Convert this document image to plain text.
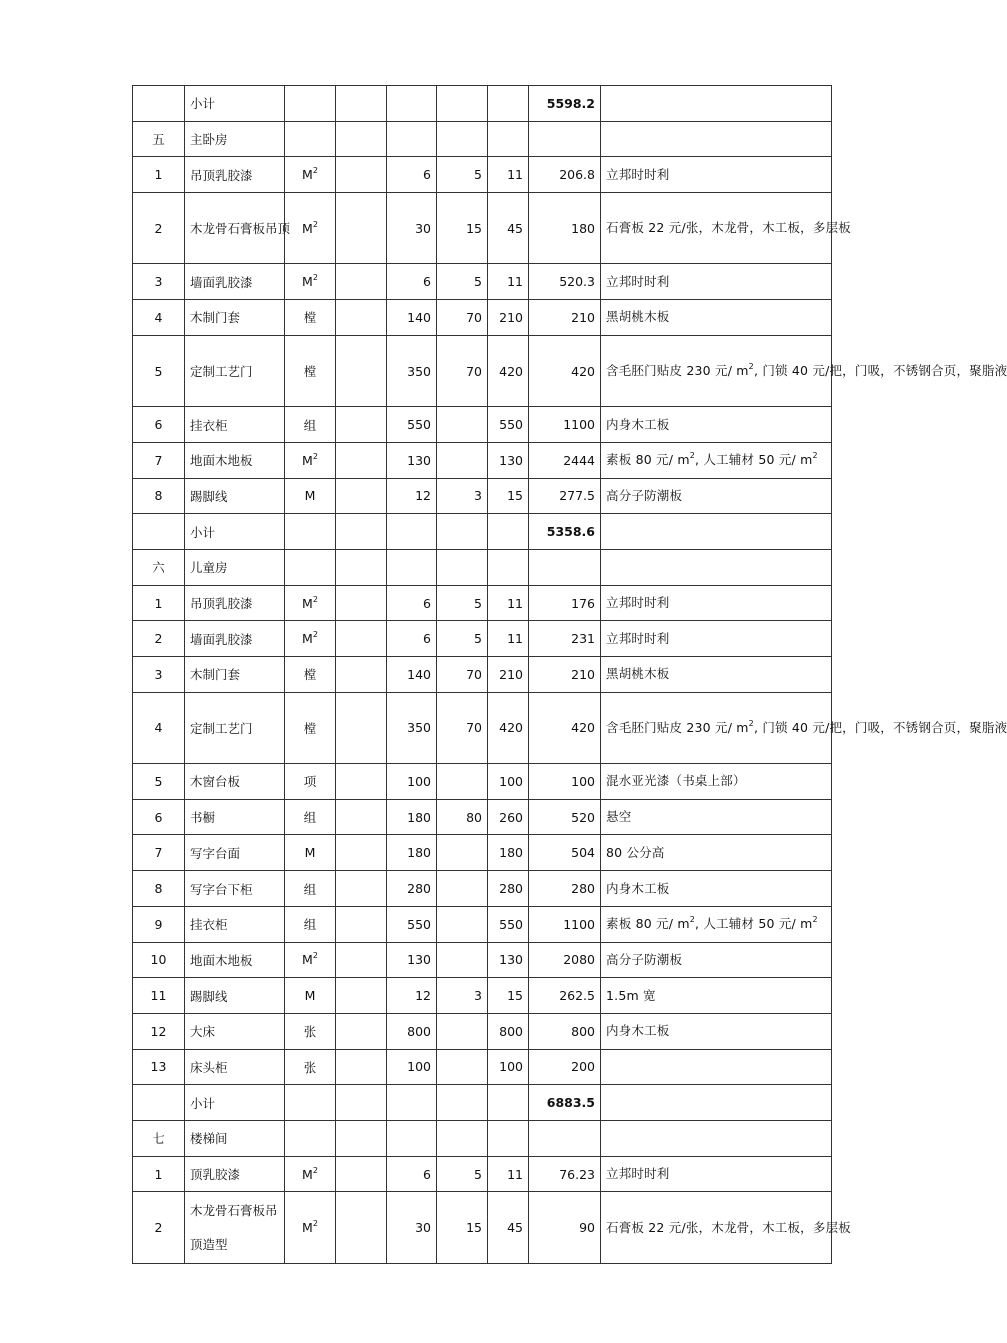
	小计						5598.2	
五	主卧房							
1	吊顶乳胶漆	$M^2$		6	5	11	206.8	立邦时时利
2	木龙骨石膏板吊顶	$M^2$		30	15	45	180	石膏板 22 元/张，木龙骨，木工板，多层板
3	墙面乳胶漆	$M^2$		6	5	11	520.3	立邦时时利
4	木制门套	樘		140	70	210	210	黑胡桃木板
5	定制工艺门	樘		350	70	420	420	含毛胚门贴皮 230 元/ $m^2$, 门锁 40 元/把，门吸，不锈钢合页，聚脂液
6	挂衣柜	组		550		550	1100	内身木工板
7	地面木地板	$M^2$		130		130	2444	素板 80 元/ $m^2$, 人工辅材 50 元/ $m^2$
8	踢脚线	M		12	3	15	277.5	高分子防潮板
	小计						5358.6	
六	儿童房							
1	吊顶乳胶漆	$M^2$		6	5	11	176	立邦时时利
2	墙面乳胶漆	$M^2$		6	5	11	231	立邦时时利
3	木制门套	樘		140	70	210	210	黑胡桃木板
4	定制工艺门	樘		350	70	420	420	含毛胚门贴皮 230 元/ $m^2$, 门锁 40 元/把，门吸，不锈钢合页，聚脂液
5	木窗台板	项		100		100	100	混水亚光漆（书桌上部）
6	书橱	组		180	80	260	520	悬空
7	写字台面	M		180		180	504	80 公分高
8	写字台下柜	组		280		280	280	内身木工板
9	挂衣柜	组		550		550	1100	素板 80 元/ $m^2$, 人工辅材 50 元/ $m^2$
10	地面木地板	$M^2$		130		130	2080	高分子防潮板
11	踢脚线	M		12	3	15	262.5	1.5m 宽
12	大床	张		800		800	800	内身木工板
13	床头柜	张		100		100	200	
	小计						6883.5	
七	楼梯间							
1	顶乳胶漆	$M^2$		6	5	11	76.23	立邦时时利
2	木龙骨石膏板吊顶造型	$M^2$		30	15	45	90	石膏板 22 元/张，木龙骨，木工板，多层板
